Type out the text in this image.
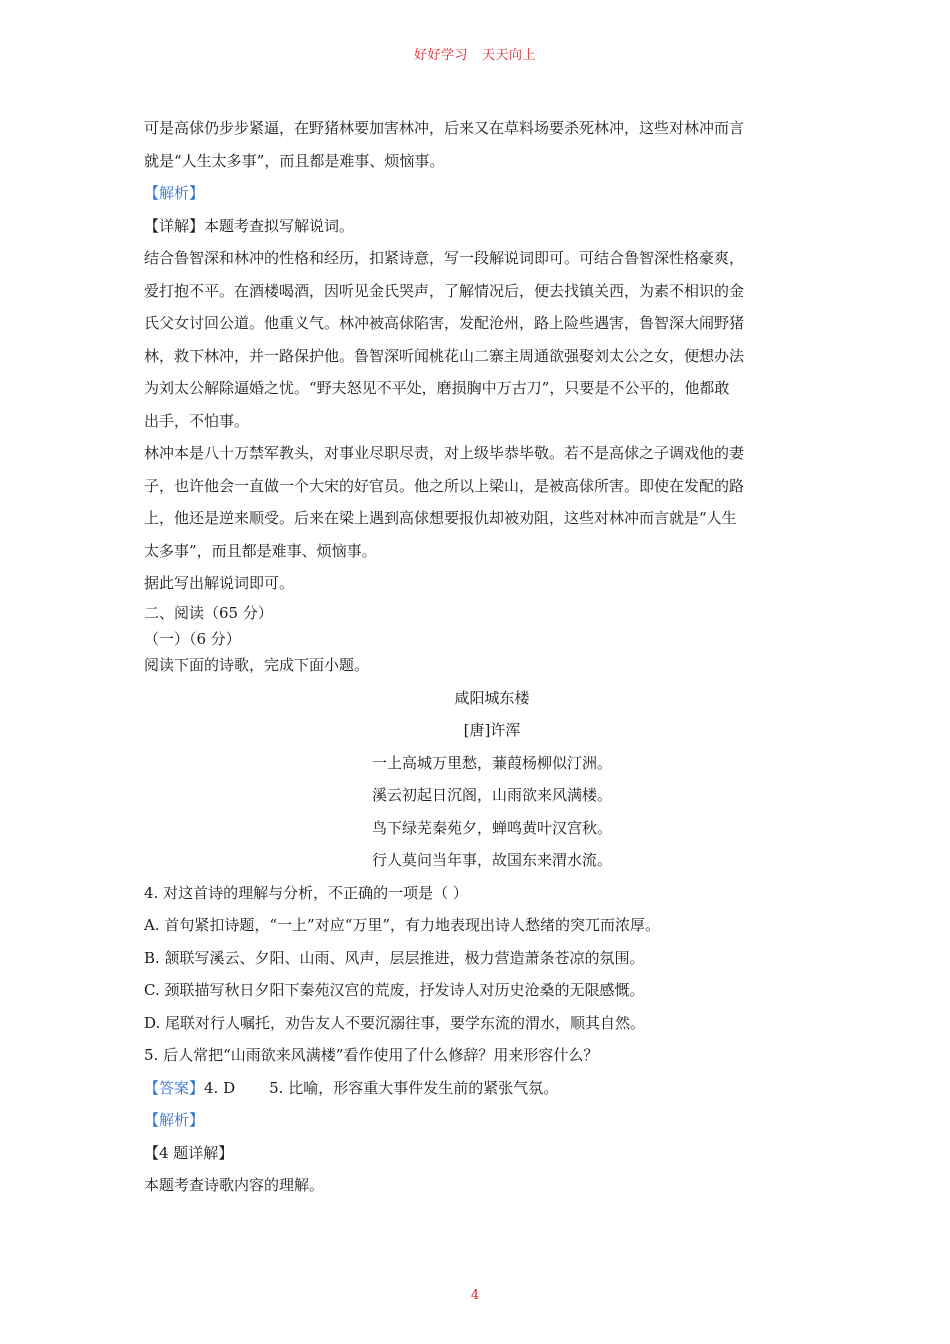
好好学习 天天向上

可是高俅仍步步紧逼，在野猪林要加害林冲，后来又在草料场要杀死林冲，这些对林冲而言

就是“人生太多事”，而且都是难事、烦恼事。

【解析】

【详解】本题考查拟写解说词。

结合鲁智深和林冲的性格和经历，扣紧诗意，写一段解说词即可。可结合鲁智深性格豪爽，

爱打抱不平。在酒楼喝酒，因听见金氏哭声，了解情况后，便去找镇关西，为素不相识的金

氏父女讨回公道。他重义气。林冲被高俅陷害，发配沧州，路上险些遇害，鲁智深大闹野猪

林，救下林冲，并一路保护他。鲁智深听闻桃花山二寨主周通欲强娶刘太公之女，便想办法

为刘太公解除逼婚之忧。“野夫怒见不平处，磨损胸中万古刀”，只要是不公平的，他都敢

出手，不怕事。

林冲本是八十万禁军教头，对事业尽职尽责，对上级毕恭毕敬。若不是高俅之子调戏他的妻

子，也许他会一直做一个大宋的好官员。他之所以上梁山，是被高俅所害。即使在发配的路

上，他还是逆来顺受。后来在梁上遇到高俅想要报仇却被劝阻，这些对林冲而言就是“人生

太多事”，而且都是难事、烦恼事。

据此写出解说词即可。

二、阅读（65 分）

（一）（6 分）

阅读下面的诗歌，完成下面小题。

咸阳城东楼

[唐]许浑

一上高城万里愁，蒹葭杨柳似汀洲。

溪云初起日沉阁，山雨欲来风满楼。

鸟下绿芜秦苑夕，蝉鸣黄叶汉宫秋。

行人莫问当年事，故国东来渭水流。

4. 对这首诗的理解与分析，不正确的一项是（ ）

A. 首句紧扣诗题，“一上”对应“万里”，有力地表现出诗人愁绪的突兀而浓厚。

B. 颔联写溪云、夕阳、山雨、风声，层层推进，极力营造萧条苍凉的氛围。

C. 颈联描写秋日夕阳下秦苑汉宫的荒废，抒发诗人对历史沧桑的无限感慨。

D. 尾联对行人嘱托，劝告友人不要沉溺往事，要学东流的渭水，顺其自然。

5. 后人常把“山雨欲来风满楼”看作使用了什么修辞？用来形容什么？

【答案】4. D 5. 比喻，形容重大事件发生前的紧张气氛。

【解析】

【4 题详解】

本题考查诗歌内容的理解。

4
